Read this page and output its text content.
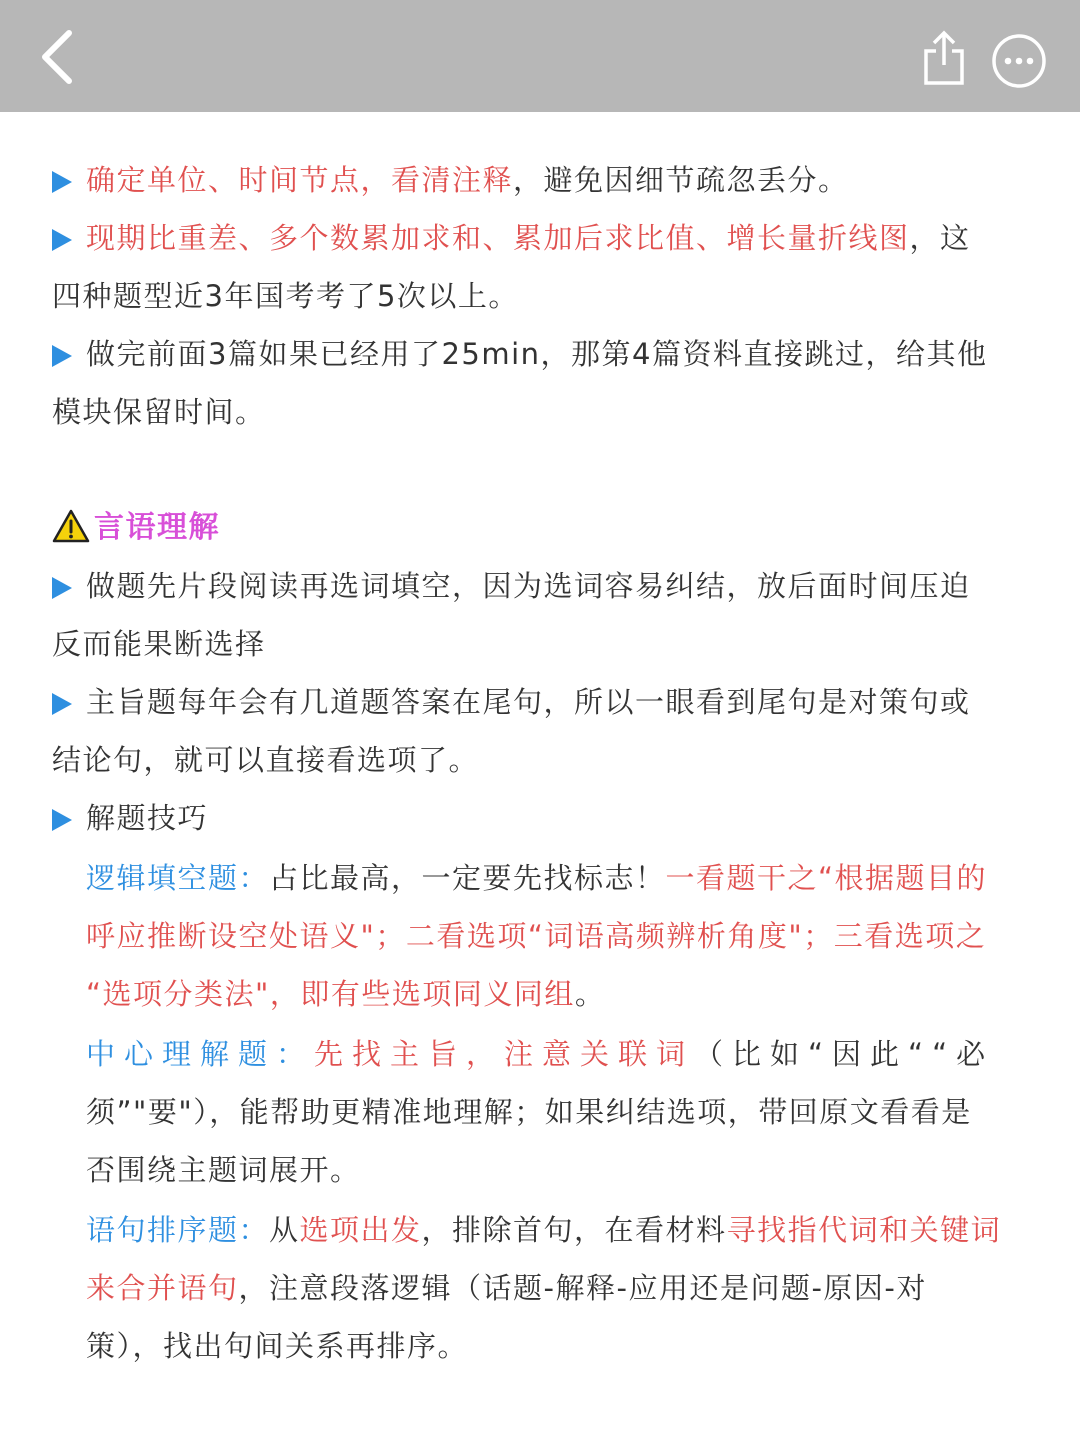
确定单位、时间节点，看清注释，避免因细节疏忽丢分。
现期比重差、多个数累加求和、累加后求比值、增长量折线图，这
四种题型近3年国考考了5次以上。
做完前面3篇如果已经用了25min，那第4篇资料直接跳过，给其他
模块保留时间。
言语理解
做题先片段阅读再选词填空，因为选词容易纠结，放后面时间压迫
反而能果断选择
主旨题每年会有几道题答案在尾句，所以一眼看到尾句是对策句或
结论句，就可以直接看选项了。
解题技巧
逻辑填空题：占比最高，一定要先找标志！一看题干之“根据题目的
呼应推断设空处语义"；二看选项“词语高频辨析角度"；三看选项之
“选项分类法"，即有些选项同义同组。
中心理解题：先找主旨，注意关联词（比如“因此““必
须”"要"），能帮助更精准地理解；如果纠结选项，带回原文看看是
否围绕主题词展开。
语句排序题：从选项出发，排除首句，在看材料寻找指代词和关键词
来合并语句，注意段落逻辑（话题-解释-应用还是问题-原因-对
策），找出句间关系再排序。
